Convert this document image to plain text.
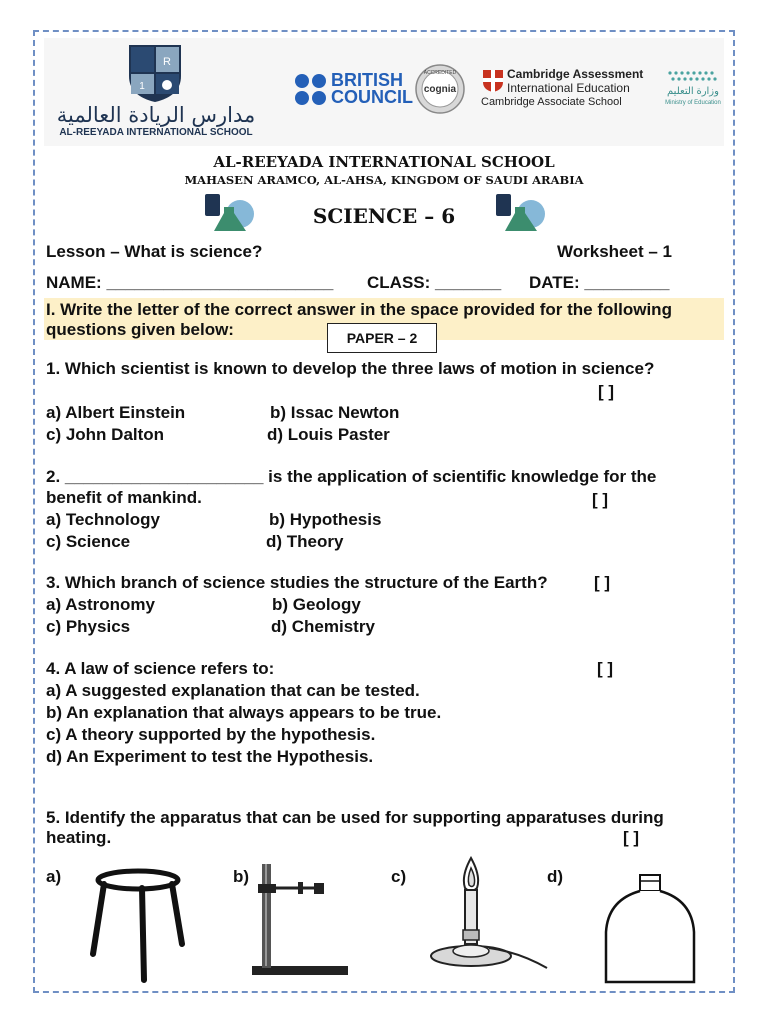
R
1
مدارس الريادة العالمية
AL-REEYADA INTERNATIONAL SCHOOL
BRITISH
COUNCIL
ACCREDITED
cognia
Cambridge Assessment
International Education
Cambridge Associate School
وزارة التعليم
Ministry of Education
AL-REEYADA INTERNATIONAL SCHOOL
MAHASEN ARAMCO, AL-AHSA, KINGDOM OF SAUDI ARABIA
SCIENCE – 6
Lesson – What is science?	Worksheet – 1
NAME: ________________________ CLASS: _______ DATE: _________
I. Write the letter of the correct answer in the space provided for the following
questions given below:	PAPER – 2
1. Which scientist is known to develop the three laws of motion in science?
[ ]
a) Albert Einstein	b) Issac Newton
c) John Dalton	d) Louis Paster
2. _____________________ is the application of scientific knowledge for the
benefit of mankind.	[ ]
a) Technology	b) Hypothesis
c) Science	d) Theory
3. Which branch of science studies the structure of the Earth?	[ ]
a) Astronomy	b) Geology
c) Physics	d) Chemistry
4. A law of science refers to:	[ ]
a) A suggested explanation that can be tested.
b) An explanation that always appears to be true.
c) A theory supported by the hypothesis.
d) An Experiment to test the Hypothesis.
5. Identify the apparatus that can be used for supporting apparatuses during
heating.	[ ]
a)	b)	c)	d)
